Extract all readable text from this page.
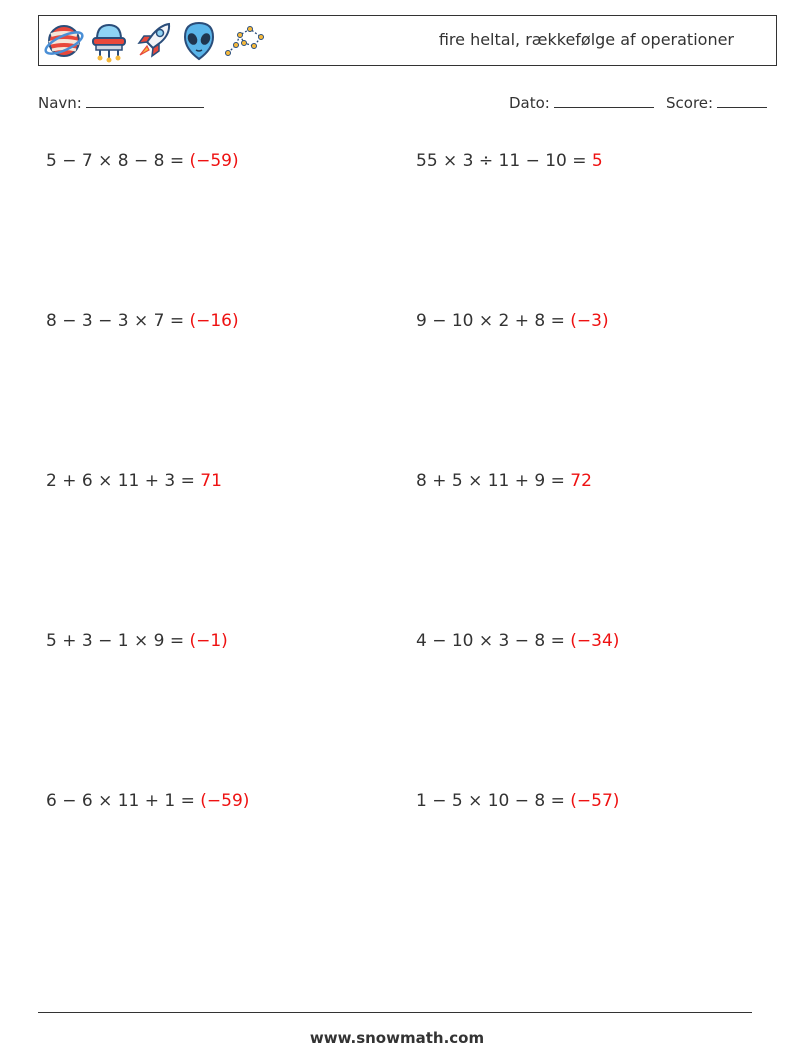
fire heltal, rækkefølge af operationer
Navn:	Dato:	Score:
5 − 7 × 8 − 8 = (−59)	55 × 3 ÷ 11 − 10 = 5
8 − 3 − 3 × 7 = (−16)	9 − 10 × 2 + 8 = (−3)
2 + 6 × 11 + 3 = 71	8 + 5 × 11 + 9 = 72
5 + 3 − 1 × 9 = (−1)	4 − 10 × 3 − 8 = (−34)
6 − 6 × 11 + 1 = (−59)	1 − 5 × 10 − 8 = (−57)
www.snowmath.com
